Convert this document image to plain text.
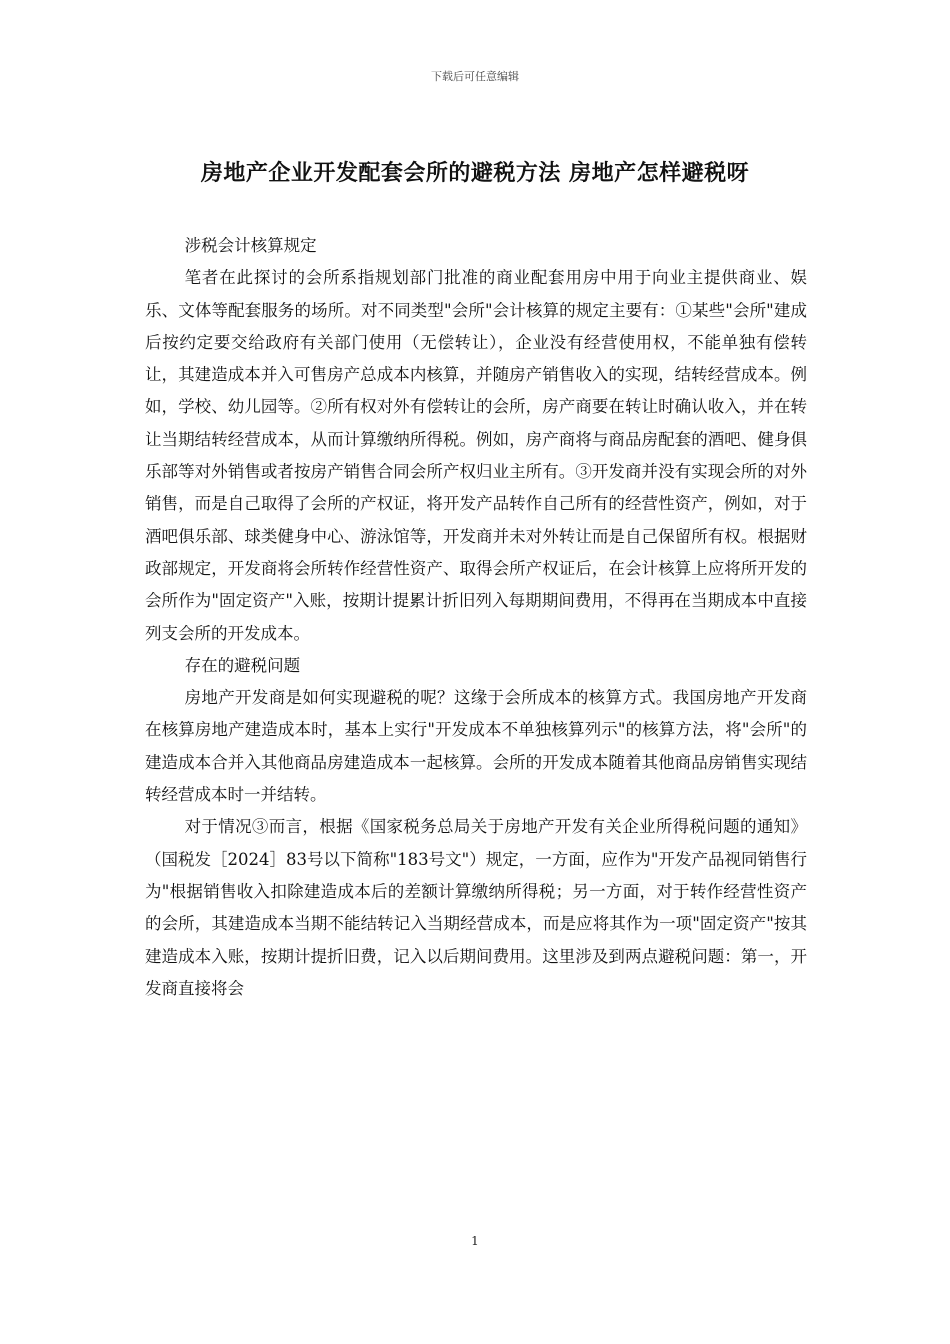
下载后可任意编辑
房地产企业开发配套会所的避税方法 房地产怎样避税呀

涉税会计核算规定

笔者在此探讨的会所系指规划部门批准的商业配套用房中用于向业主提供商业、娱乐、文体等配套服务的场所。对不同类型"会所"会计核算的规定主要有：①某些"会所"建成后按约定要交给政府有关部门使用（无偿转让），企业没有经营使用权，不能单独有偿转让，其建造成本并入可售房产总成本内核算，并随房产销售收入的实现，结转经营成本。例如，学校、幼儿园等。②所有权对外有偿转让的会所，房产商要在转让时确认收入，并在转让当期结转经营成本，从而计算缴纳所得税。例如，房产商将与商品房配套的酒吧、健身俱乐部等对外销售或者按房产销售合同会所产权归业主所有。③开发商并没有实现会所的对外销售，而是自己取得了会所的产权证，将开发产品转作自己所有的经营性资产，例如，对于酒吧俱乐部、球类健身中心、游泳馆等，开发商并未对外转让而是自己保留所有权。根据财政部规定，开发商将会所转作经营性资产、取得会所产权证后，在会计核算上应将所开发的会所作为"固定资产"入账，按期计提累计折旧列入每期期间费用，不得再在当期成本中直接列支会所的开发成本。

存在的避税问题

房地产开发商是如何实现避税的呢？这缘于会所成本的核算方式。我国房地产开发商在核算房地产建造成本时，基本上实行"开发成本不单独核算列示"的核算方法，将"会所"的建造成本合并入其他商品房建造成本一起核算。会所的开发成本随着其他商品房销售实现结转经营成本时一并结转。

对于情况③而言，根据《国家税务总局关于房地产开发有关企业所得税问题的通知》（国税发［2024］83号以下简称"183号文"）规定，一方面，应作为"开发产品视同销售行为"根据销售收入扣除建造成本后的差额计算缴纳所得税；另一方面，对于转作经营性资产的会所，其建造成本当期不能结转记入当期经营成本，而是应将其作为一项"固定资产"按其建造成本入账，按期计提折旧费，记入以后期间费用。这里涉及到两点避税问题：第一，开发商直接将会

1
